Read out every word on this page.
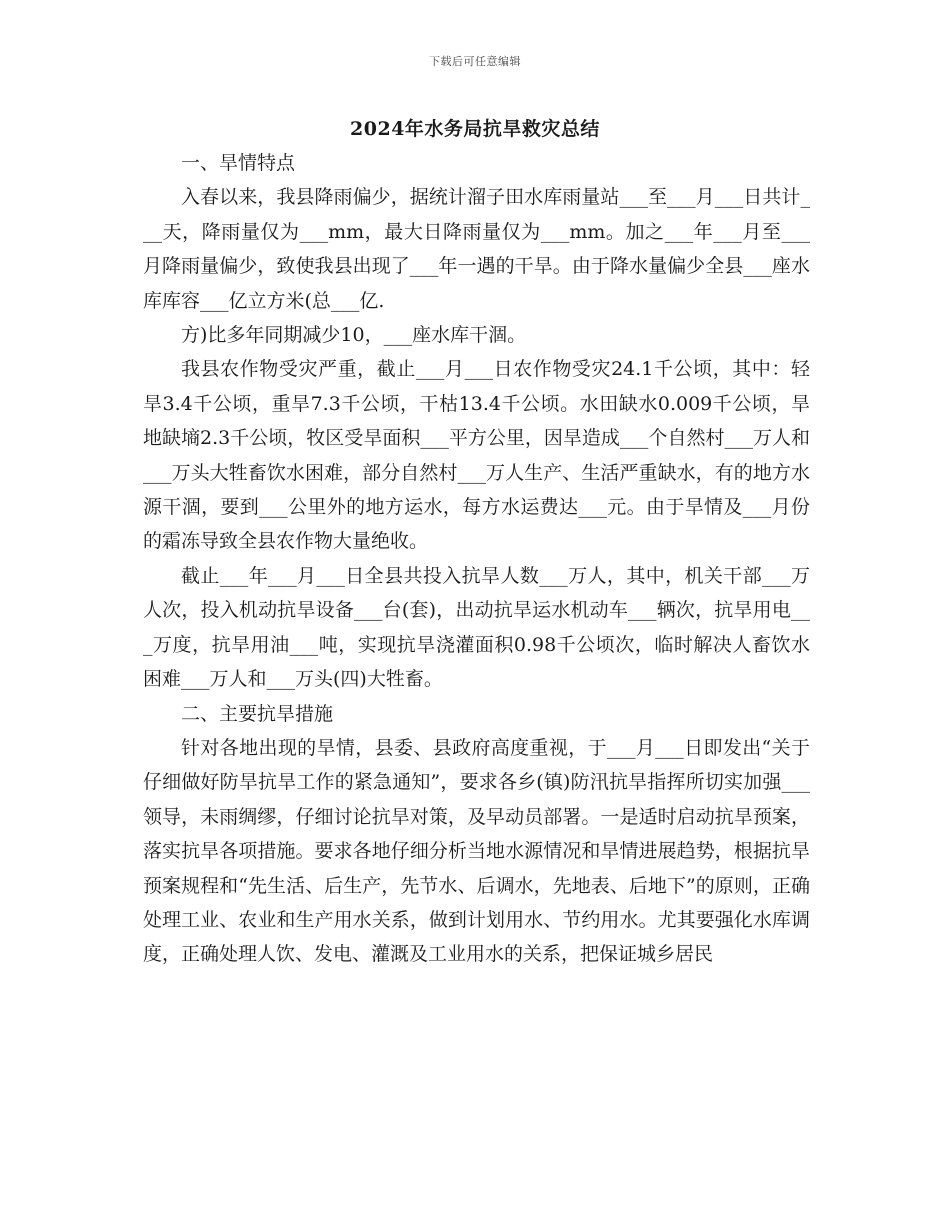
下载后可任意编辑
2024年水务局抗旱救灾总结

一、旱情特点

入春以来，我县降雨偏少，据统计溜子田水库雨量站___至___月___日共计___天，降雨量仅为___mm，最大日降雨量仅为___mm。加之___年___月至___月降雨量偏少，致使我县出现了___年一遇的干旱。由于降水量偏少全县___座水库库容___亿立方米(总___亿.

方)比多年同期减少10，___座水库干涸。

我县农作物受灾严重，截止___月___日农作物受灾24.1千公顷，其中：轻旱3.4千公顷，重旱7.3千公顷，干枯13.4千公顷。水田缺水0.009千公顷，旱地缺墒2.3千公顷，牧区受旱面积___平方公里，因旱造成___个自然村___万人和___万头大牲畜饮水困难，部分自然村___万人生产、生活严重缺水，有的地方水源干涸，要到___公里外的地方运水，每方水运费达___元。由于旱情及___月份的霜冻导致全县农作物大量绝收。

截止___年___月___日全县共投入抗旱人数___万人，其中，机关干部___万人次，投入机动抗旱设备___台(套)，出动抗旱运水机动车___辆次，抗旱用电___万度，抗旱用油___吨，实现抗旱浇灌面积0.98千公顷次，临时解决人畜饮水困难___万人和___万头(四)大牲畜。

二、主要抗旱措施

针对各地出现的旱情，县委、县政府高度重视，于___月___日即发出“关于仔细做好防旱抗旱工作的紧急通知”，要求各乡(镇)防汛抗旱指挥所切实加强___领导，未雨绸缪，仔细讨论抗旱对策，及早动员部署。一是适时启动抗旱预案，落实抗旱各项措施。要求各地仔细分析当地水源情况和旱情进展趋势，根据抗旱预案规程和“先生活、后生产，先节水、后调水，先地表、后地下”的原则，正确处理工业、农业和生产用水关系，做到计划用水、节约用水。尤其要强化水库调度，正确处理人饮、发电、灌溉及工业用水的关系，把保证城乡居民
